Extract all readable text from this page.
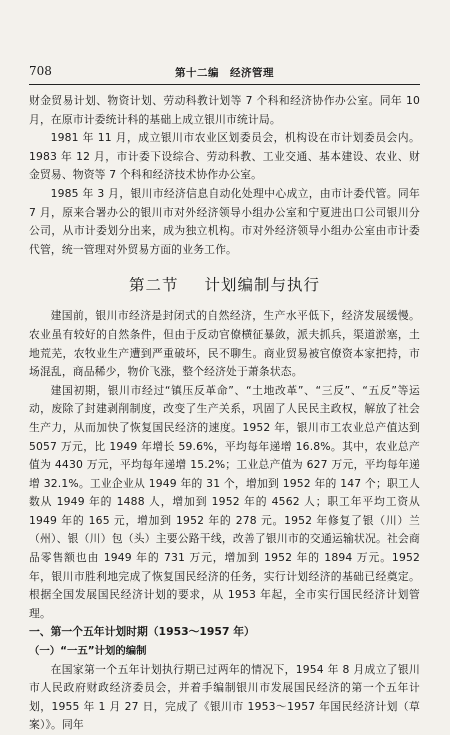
708	第十二编　经济管理

财金贸易计划、物资计划、劳动科教计划等 7 个科和经济协作办公室。同年 10 月，在原市计委统计科的基础上成立银川市统计局。

1981 年 11 月，成立银川市农业区划委员会，机构设在市计划委员会内。1983 年 12 月，市计委下设综合、劳动科教、工业交通、基本建设、农业、财金贸易、物资等 7 个科和经济技术协作办公室。

1985 年 3 月，银川市经济信息自动化处理中心成立，由市计委代管。同年 7 月，原来合署办公的银川市对外经济领导小组办公室和宁夏进出口公司银川分公司，从市计委划分出来，成为独立机构。市对外经济领导小组办公室由市计委代管，统一管理对外贸易方面的业务工作。

第二节 计划编制与执行

建国前，银川市经济是封闭式的自然经济，生产水平低下，经济发展缓慢。农业虽有较好的自然条件，但由于反动官僚横征暴敛，派夫抓兵，渠道淤塞，土地荒芜，农牧业生产遭到严重破坏，民不聊生。商业贸易被官僚资本家把持，市场混乱，商品稀少，物价飞涨，整个经济处于萧条状态。

建国初期，银川市经过“镇压反革命”、“土地改革”、“三反”、“五反”等运动，废除了封建剥削制度，改变了生产关系，巩固了人民民主政权，解放了社会生产力，从而加快了恢复国民经济的速度。1952 年，银川市工农业总产值达到 5057 万元，比 1949 年增长 59.6%，平均每年递增 16.8%。其中，农业总产值为 4430 万元，平均每年递增 15.2%；工业总产值为 627 万元，平均每年递增 32.1%。工业企业从 1949 年的 31 个，增加到 1952 年的 147 个；职工人数从 1949 年的 1488 人，增加到 1952 年的 4562 人；职工年平均工资从 1949 年的 165 元，增加到 1952 年的 278 元。1952 年修复了银（川）兰（州）、银（川）包（头）主要公路干线，改善了银川市的交通运输状况。社会商品零售额也由 1949 年的 731 万元，增加到 1952 年的 1894 万元。1952 年，银川市胜利地完成了恢复国民经济的任务，实行计划经济的基础已经奠定。根据全国发展国民经济计划的要求，从 1953 年起，全市实行国民经济计划管理。

一、第一个五年计划时期（1953～1957 年）

（一）“一五”计划的编制

在国家第一个五年计划执行期已过两年的情况下，1954 年 8 月成立了银川市人民政府财政经济委员会，并着手编制银川市发展国民经济的第一个五年计划，1955 年 1 月 27 日，完成了《银川市 1953～1957 年国民经济计划（草案）》。同年
